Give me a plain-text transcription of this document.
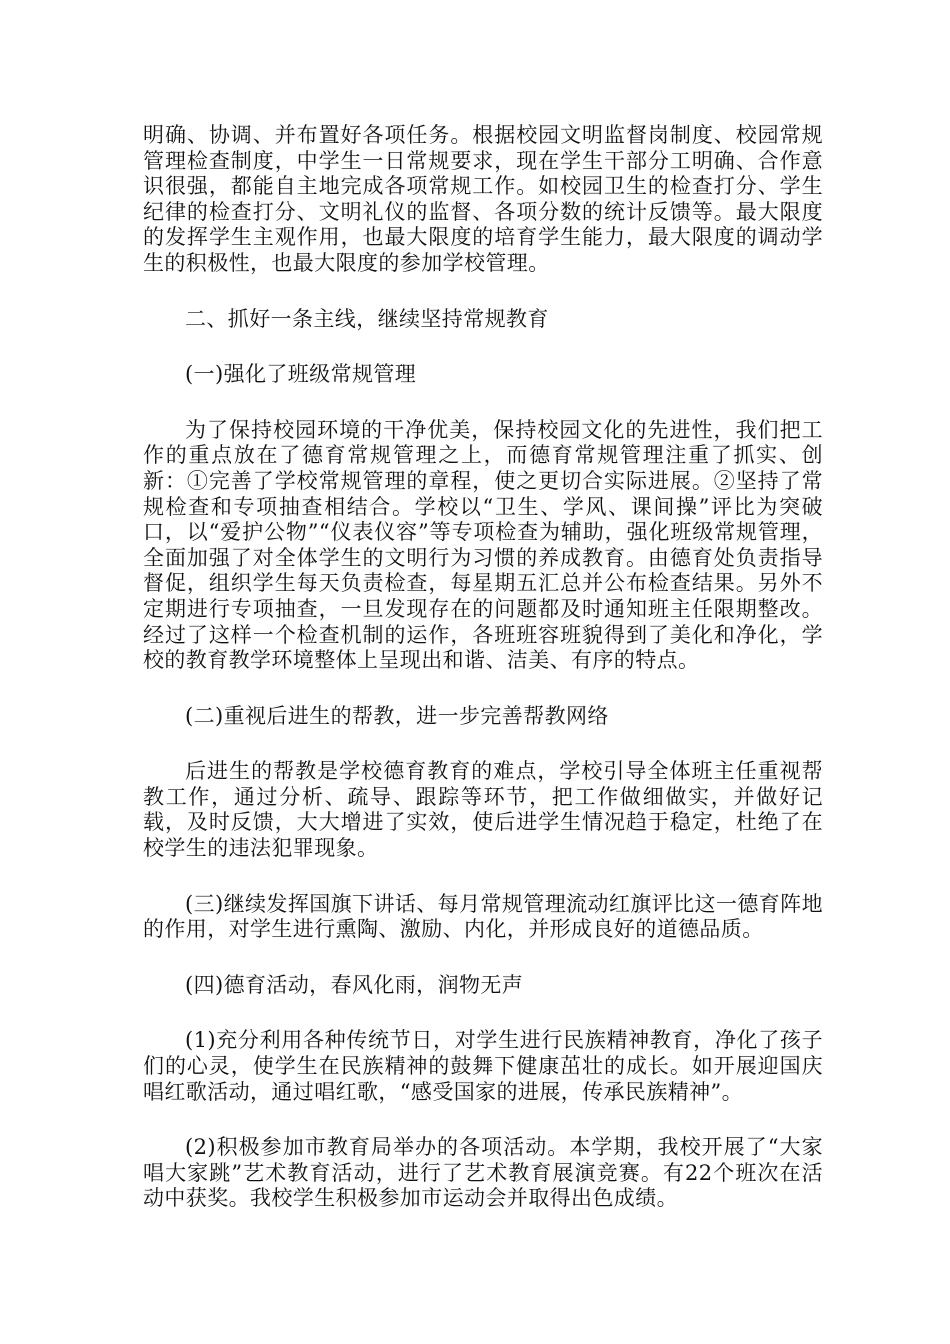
明确、协调、并布置好各项任务。根据校园文明监督岗制度、校园常规管理检查制度，中学生一日常规要求，现在学生干部分工明确、合作意识很强，都能自主地完成各项常规工作。如校园卫生的检查打分、学生纪律的检查打分、文明礼仪的监督、各项分数的统计反馈等。最大限度的发挥学生主观作用，也最大限度的培育学生能力，最大限度的调动学生的积极性，也最大限度的参加学校管理。

二、抓好一条主线，继续坚持常规教育

(一)强化了班级常规管理

为了保持校园环境的干净优美，保持校园文化的先进性，我们把工作的重点放在了德育常规管理之上，而德育常规管理注重了抓实、创新：①完善了学校常规管理的章程，使之更切合实际进展。②坚持了常规检查和专项抽查相结合。学校以“卫生、学风、课间操”评比为突破口，以“爱护公物”“仪表仪容”等专项检查为辅助，强化班级常规管理，全面加强了对全体学生的文明行为习惯的养成教育。由德育处负责指导督促，组织学生每天负责检查，每星期五汇总并公布检查结果。另外不定期进行专项抽查，一旦发现存在的问题都及时通知班主任限期整改。经过了这样一个检查机制的运作，各班班容班貌得到了美化和净化，学校的教育教学环境整体上呈现出和谐、洁美、有序的特点。

(二)重视后进生的帮教，进一步完善帮教网络

后进生的帮教是学校德育教育的难点，学校引导全体班主任重视帮教工作，通过分析、疏导、跟踪等环节，把工作做细做实，并做好记载，及时反馈，大大增进了实效，使后进学生情况趋于稳定，杜绝了在校学生的违法犯罪现象。

(三)继续发挥国旗下讲话、每月常规管理流动红旗评比这一德育阵地的作用，对学生进行熏陶、激励、内化，并形成良好的道德品质。

(四)德育活动，春风化雨，润物无声

(1)充分利用各种传统节日，对学生进行民族精神教育，净化了孩子们的心灵，使学生在民族精神的鼓舞下健康茁壮的成长。如开展迎国庆唱红歌活动，通过唱红歌，“感受国家的进展，传承民族精神”。

(2)积极参加市教育局举办的各项活动。本学期，我校开展了“大家唱大家跳”艺术教育活动，进行了艺术教育展演竞赛。有22个班次在活动中获奖。我校学生积极参加市运动会并取得出色成绩。
